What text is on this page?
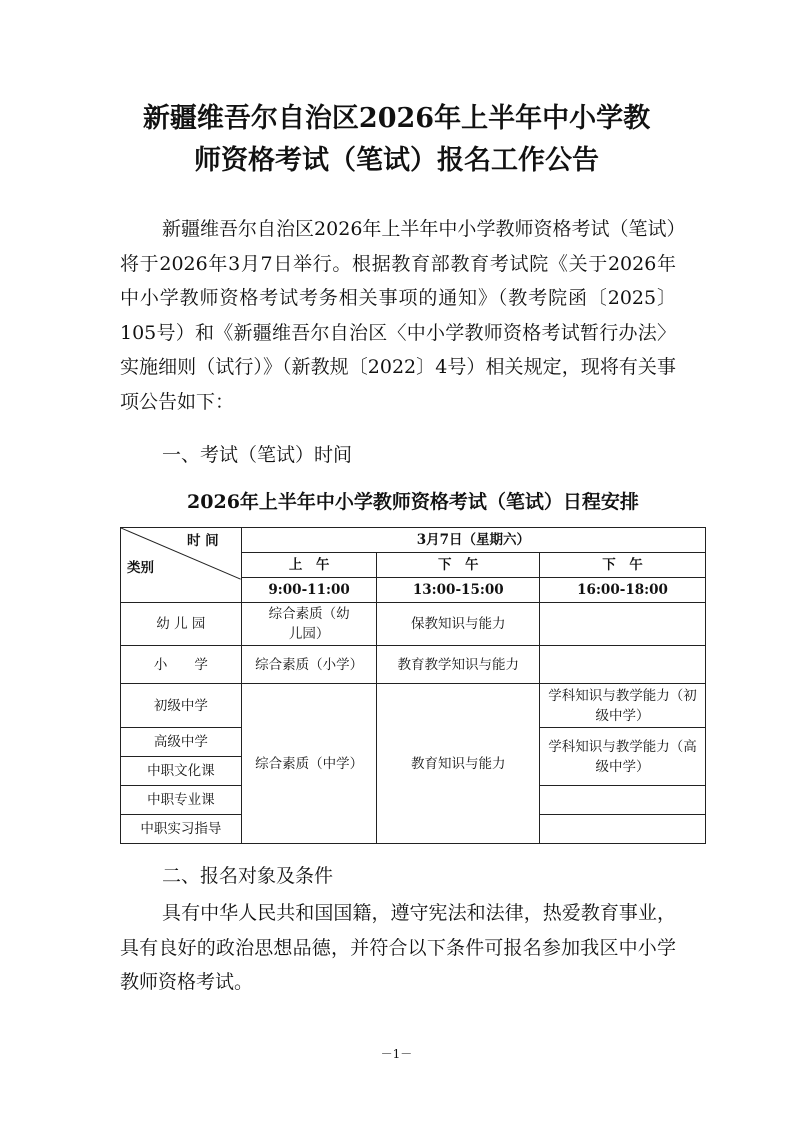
新疆维吾尔自治区2026年上半年中小学教
师资格考试（笔试）报名工作公告
新疆维吾尔自治区2026年上半年中小学教师资格考试（笔试）将于2026年3月7日举行。根据教育部教育考试院《关于2026年中小学教师资格考试考务相关事项的通知》（教考院函〔2025〕105号）和《新疆维吾尔自治区〈中小学教师资格考试暂行办法〉实施细则（试行）》（新教规〔2022〕4号）相关规定，现将有关事项公告如下：
一、考试（笔试）时间
2026年上半年中小学教师资格考试（笔试）日程安排
时 间
类别	3月7日（星期六）		
	上　午	下　午	下　午
	9:00-11:00	13:00-15:00	16:00-18:00
幼 儿 园	综合素质（幼儿园）	保教知识与能力	
小　　学	综合素质（小学）	教育教学知识与能力	
初级中学	综合素质（中学）	教育知识与能力	学科知识与教学能力（初级中学）

高级中学			学科知识与教学能力（高级中学）

中职文化课			
中职专业课			
中职实习指导			
二、报名对象及条件
具有中华人民共和国国籍，遵守宪法和法律，热爱教育事业，具有良好的政治思想品德，并符合以下条件可报名参加我区中小学教师资格考试。
－1－
